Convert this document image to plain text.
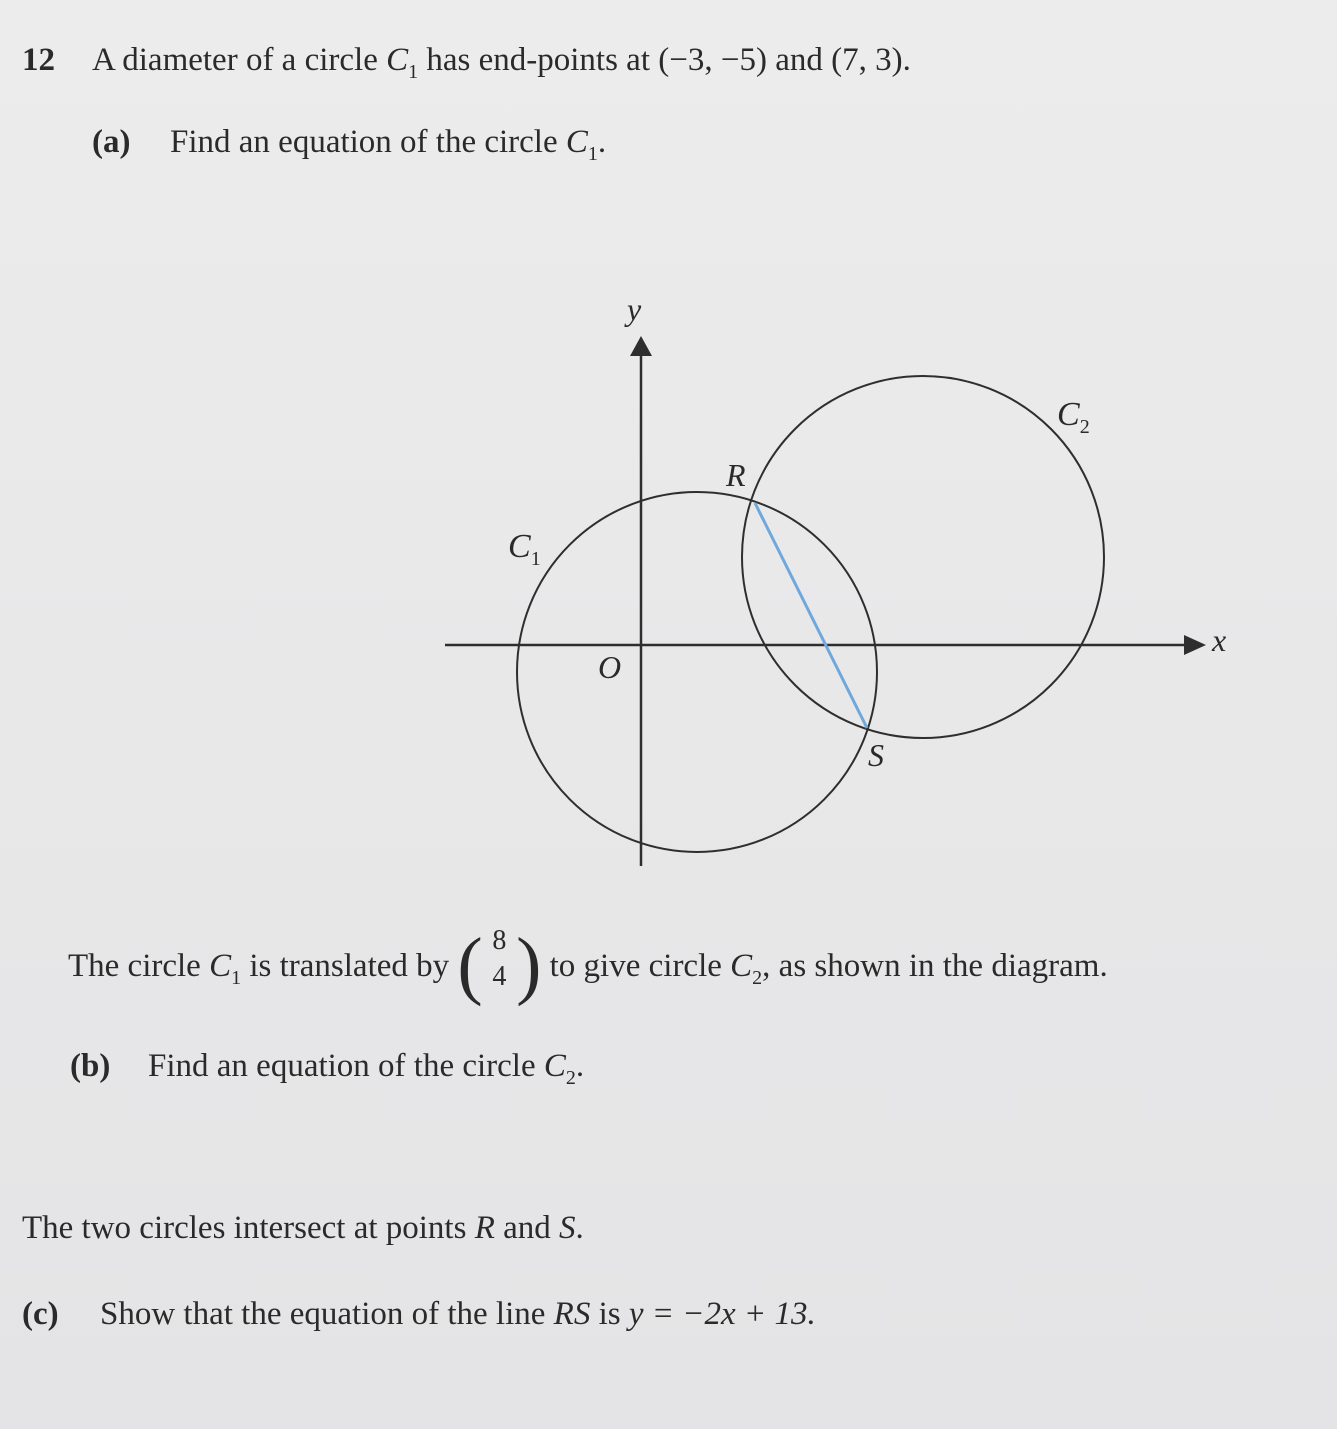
12 A diameter of a circle $C_1$ has end-points at (−3, −5) and (7, 3).
(a) Find an equation of the circle $C_1$.
y
x
O
$C_1$
$C_2$
R
S
The circle $C_1$ is translated by ( 8
4 ) to give circle $C_2$, as shown in the diagram.
(b) Find an equation of the circle $C_2$.
The two circles intersect at points R and S.
(c) Show that the equation of the line RS is y = −2x + 13.
